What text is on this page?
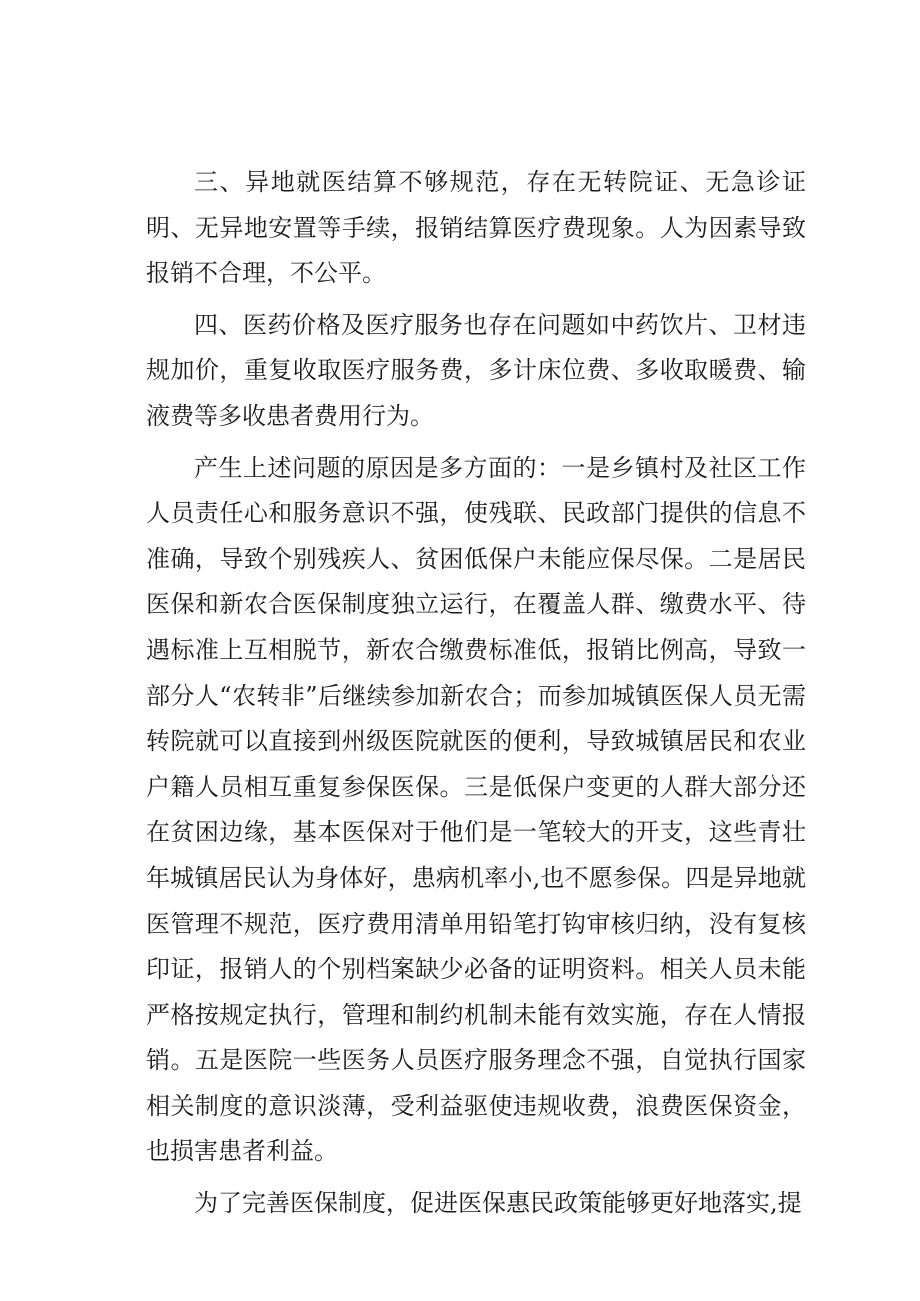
三、异地就医结算不够规范，存在无转院证、无急诊证明、无异地安置等手续，报销结算医疗费现象。人为因素导致报销不合理，不公平。

四、医药价格及医疗服务也存在问题如中药饮片、卫材违规加价，重复收取医疗服务费，多计床位费、多收取暖费、输液费等多收患者费用行为。

产生上述问题的原因是多方面的：一是乡镇村及社区工作人员责任心和服务意识不强，使残联、民政部门提供的信息不准确，导致个别残疾人、贫困低保户未能应保尽保。二是居民医保和新农合医保制度独立运行，在覆盖人群、缴费水平、待遇标准上互相脱节，新农合缴费标准低，报销比例高，导致一部分人“农转非”后继续参加新农合；而参加城镇医保人员无需转院就可以直接到州级医院就医的便利，导致城镇居民和农业户籍人员相互重复参保医保。三是低保户变更的人群大部分还在贫困边缘，基本医保对于他们是一笔较大的开支，这些青壮年城镇居民认为身体好，患病机率小,也不愿参保。四是异地就医管理不规范，医疗费用清单用铅笔打钩审核归纳，没有复核印证，报销人的个别档案缺少必备的证明资料。相关人员未能严格按规定执行，管理和制约机制未能有效实施，存在人情报销。五是医院一些医务人员医疗服务理念不强，自觉执行国家相关制度的意识淡薄，受利益驱使违规收费，浪费医保资金，也损害患者利益。

为了完善医保制度，促进医保惠民政策能够更好地落实,提
